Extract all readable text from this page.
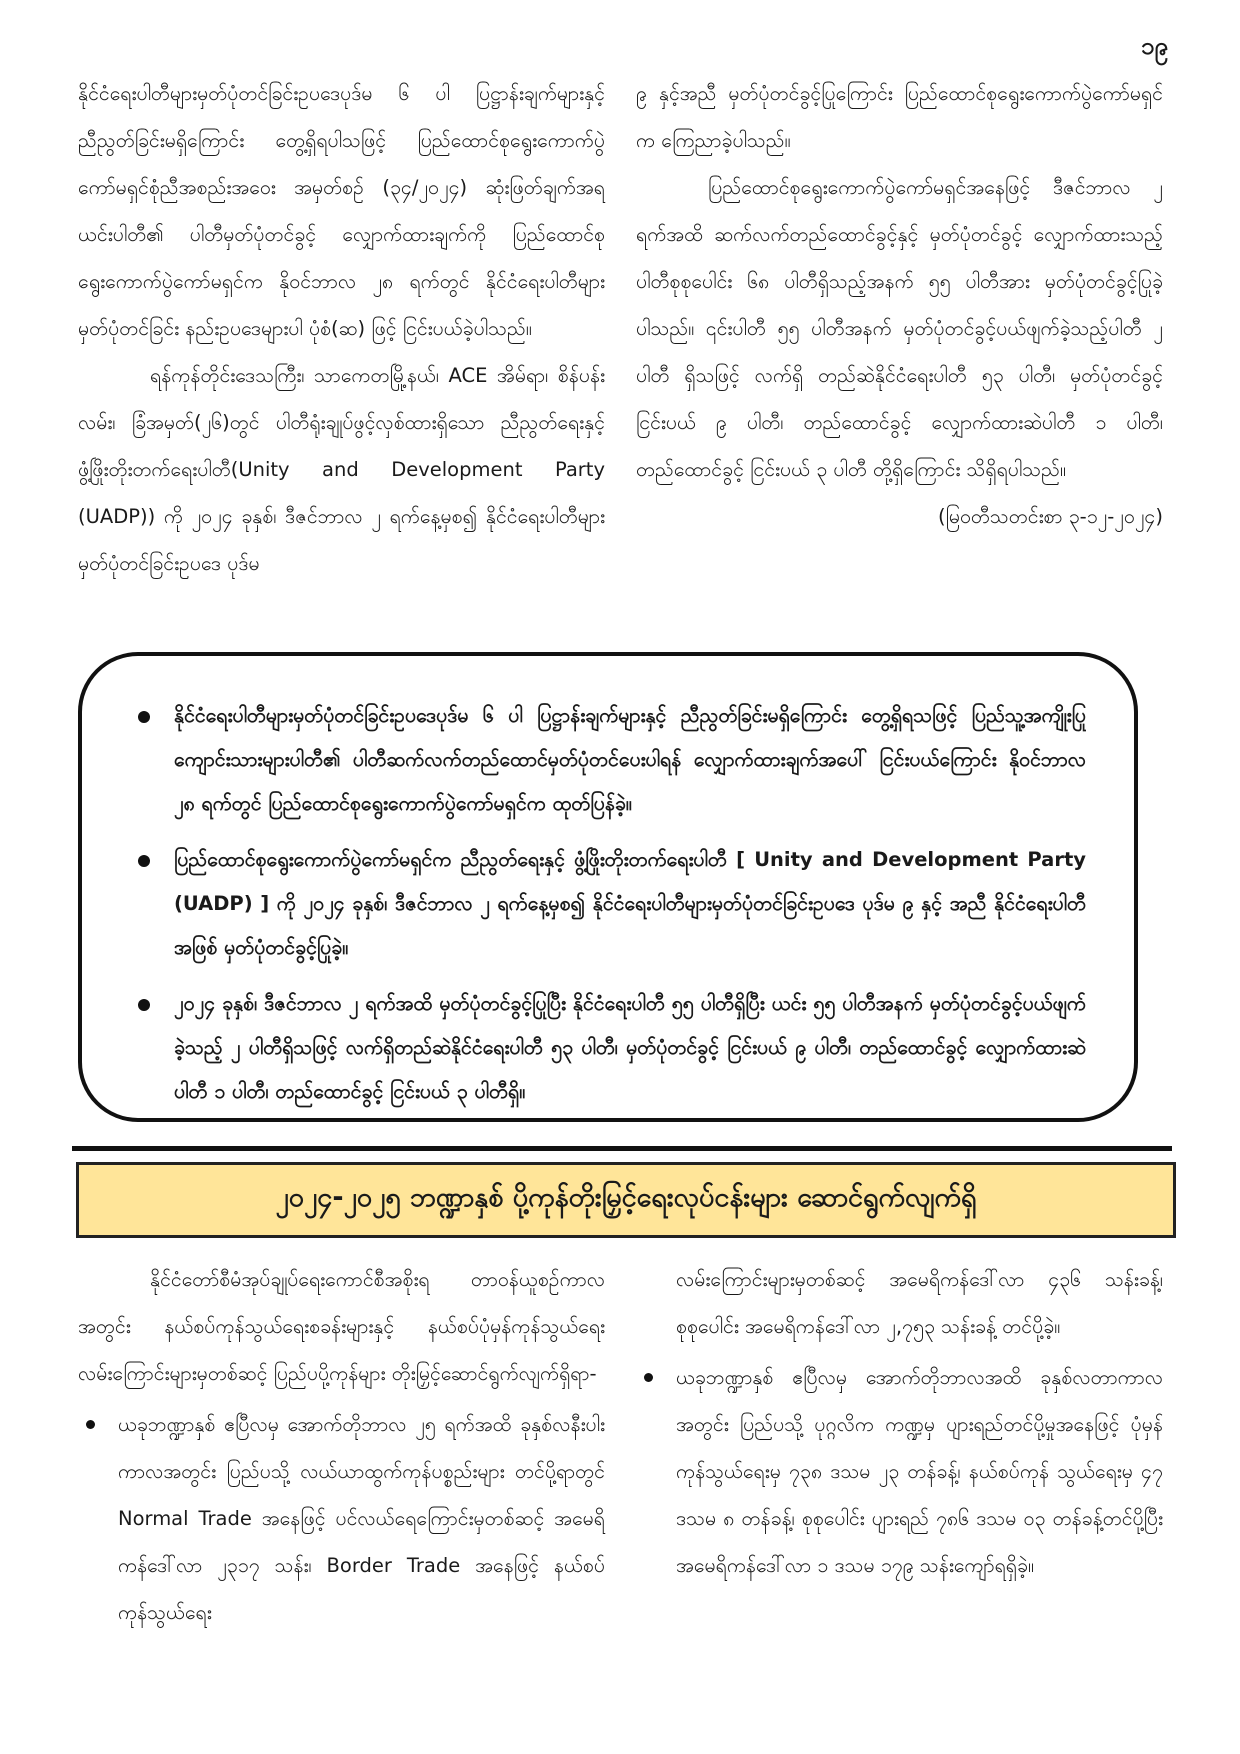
၁၉

နိုင်ငံရေးပါတီများမှတ်ပုံတင်ခြင်းဥပဒေပုဒ်မ ၆ ပါ ပြဋ္ဌာန်းချက်များနှင့် ညီညွတ်ခြင်းမရှိကြောင်း တွေ့ရှိရပါသဖြင့် ပြည်ထောင်စုရွေးကောက်ပွဲကော်မရှင်စုံညီအစည်းအဝေး အမှတ်စဉ် (၃၄/၂၀၂၄) ဆုံးဖြတ်ချက်အရ ယင်းပါတီ၏ ပါတီမှတ်ပုံတင်ခွင့် လျှောက်ထားချက်ကို ပြည်ထောင်စုရွေးကောက်ပွဲကော်မရှင်က နိုဝင်ဘာလ ၂၈ ရက်တွင် နိုင်ငံရေးပါတီများ မှတ်ပုံတင်ခြင်း နည်းဥပဒေများပါ ပုံစံ(ဆ) ဖြင့် ငြင်းပယ်ခဲ့ပါသည်။

ရန်ကုန်တိုင်းဒေသကြီး၊ သာကေတမြို့နယ်၊ ACE အိမ်ရာ၊ စိန်ပန်းလမ်း၊ ခြံအမှတ်(၂၆)တွင် ပါတီရုံးချုပ်ဖွင့်လှစ်ထားရှိသော ညီညွတ်ရေးနှင့်ဖွံ့ဖြိုးတိုးတက်ရေးပါတီ(Unity and Development Party (UADP)) ကို ၂၀၂၄ ခုနှစ်၊ ဒီဇင်ဘာလ ၂ ရက်နေ့မှစ၍ နိုင်ငံရေးပါတီများမှတ်ပုံတင်ခြင်းဥပဒေ ပုဒ်မ

၉ နှင့်အညီ မှတ်ပုံတင်ခွင့်ပြုကြောင်း ပြည်ထောင်စုရွေးကောက်ပွဲကော်မရှင်က ကြေညာခဲ့ပါသည်။

ပြည်ထောင်စုရွေးကောက်ပွဲကော်မရှင်အနေဖြင့် ဒီဇင်ဘာလ ၂ ရက်အထိ ဆက်လက်တည်ထောင်ခွင့်နှင့် မှတ်ပုံတင်ခွင့် လျှောက်ထားသည့် ပါတီစုစုပေါင်း ၆၈ ပါတီရှိသည့်အနက် ၅၅ ပါတီအား မှတ်ပုံတင်ခွင့်ပြုခဲ့ပါသည်။ ၎င်းပါတီ ၅၅ ပါတီအနက် မှတ်ပုံတင်ခွင့်ပယ်ဖျက်ခဲ့သည့်ပါတီ ၂ ပါတီ ရှိသဖြင့် လက်ရှိ တည်ဆဲနိုင်ငံရေးပါတီ ၅၃ ပါတီ၊ မှတ်ပုံတင်ခွင့် ငြင်းပယ် ၉ ပါတီ၊ တည်ထောင်ခွင့် လျှောက်ထားဆဲပါတီ ၁ ပါတီ၊ တည်ထောင်ခွင့် ငြင်းပယ် ၃ ပါတီ တို့ရှိကြောင်း သိရှိရပါသည်။

(မြဝတီသတင်းစာ ၃-၁၂-၂၀၂၄)

နိုင်ငံရေးပါတီများမှတ်ပုံတင်ခြင်းဥပဒေပုဒ်မ ၆ ပါ ပြဋ္ဌာန်းချက်များနှင့် ညီညွတ်ခြင်းမရှိကြောင်း တွေ့ရှိရသဖြင့် ပြည်သူ့အကျိုးပြုကျောင်းသားများပါတီ၏ ပါတီဆက်လက်တည်ထောင်မှတ်ပုံတင်ပေးပါရန် လျှောက်ထားချက်အပေါ် ငြင်းပယ်ကြောင်း နိုဝင်ဘာလ ၂၈ ရက်တွင် ပြည်ထောင်စုရွေးကောက်ပွဲကော်မရှင်က ထုတ်ပြန်ခဲ့။
ပြည်ထောင်စုရွေးကောက်ပွဲကော်မရှင်က ညီညွတ်ရေးနှင့် ဖွံ့ဖြိုးတိုးတက်ရေးပါတီ [ Unity and Development Party (UADP) ] ကို ၂၀၂၄ ခုနှစ်၊ ဒီဇင်ဘာလ ၂ ရက်နေ့မှစ၍ နိုင်ငံရေးပါတီများမှတ်ပုံတင်ခြင်းဥပဒေ ပုဒ်မ ၉ နှင့် အညီ နိုင်ငံရေးပါတီအဖြစ် မှတ်ပုံတင်ခွင့်ပြုခဲ့။
၂၀၂၄ ခုနှစ်၊ ဒီဇင်ဘာလ ၂ ရက်အထိ မှတ်ပုံတင်ခွင့်ပြုပြီး နိုင်ငံရေးပါတီ ၅၅ ပါတီရှိပြီး ယင်း ၅၅ ပါတီအနက် မှတ်ပုံတင်ခွင့်ပယ်ဖျက်ခဲ့သည့် ၂ ပါတီရှိသဖြင့် လက်ရှိတည်ဆဲနိုင်ငံရေးပါတီ ၅၃ ပါတီ၊ မှတ်ပုံတင်ခွင့် ငြင်းပယ် ၉ ပါတီ၊ တည်ထောင်ခွင့် လျှောက်ထားဆဲပါတီ ၁ ပါတီ၊ တည်ထောင်ခွင့် ငြင်းပယ် ၃ ပါတီရှိ။
၂၀၂၄-၂၀၂၅ ဘဏ္ဍာနှစ် ပို့ကုန်တိုးမြှင့်ရေးလုပ်ငန်းများ ဆောင်ရွက်လျက်ရှိ

နိုင်ငံတော်စီမံအုပ်ချုပ်ရေးကောင်စီအစိုးရ တာဝန်ယူစဉ်ကာလအတွင်း နယ်စပ်ကုန်သွယ်ရေးစခန်းများနှင့် နယ်စပ်ပုံမှန်ကုန်သွယ်ရေးလမ်းကြောင်းများမှတစ်ဆင့် ပြည်ပပို့ကုန်များ တိုးမြှင့်ဆောင်ရွက်လျက်ရှိရာ-

ယခုဘဏ္ဍာနှစ် ဧပြီလမှ အောက်တိုဘာလ ၂၅ ရက်အထိ ခုနှစ်လနီးပါးကာလအတွင်း ပြည်ပသို့ လယ်ယာထွက်ကုန်ပစ္စည်းများ တင်ပို့ရာတွင် Normal Trade အနေဖြင့် ပင်လယ်ရေကြောင်းမှတစ်ဆင့် အမေရိကန်ဒေါ်လာ ၂၃၁၇ သန်း၊ Border Trade အနေဖြင့် နယ်စပ်ကုန်သွယ်ရေး

လမ်းကြောင်းများမှတစ်ဆင့် အမေရိကန်ဒေါ်လာ ၄၃၆ သန်းခန့်၊ စုစုပေါင်း အမေရိကန်ဒေါ်လာ ၂,၇၅၃ သန်းခန့် တင်ပို့ခဲ့။

ယခုဘဏ္ဍာနှစ် ဧပြီလမှ အောက်တိုဘာလအထိ ခုနှစ်လတာကာလအတွင်း ပြည်ပသို့ ပုဂ္ဂလိက ကဏ္ဍမှ ပျားရည်တင်ပို့မှုအနေဖြင့် ပုံမှန်ကုန်သွယ်ရေးမှ ၇၃၈ ဒသမ ၂၃ တန်ခန့်၊ နယ်စပ်ကုန် သွယ်ရေးမှ ၄၇ ဒသမ ၈ တန်ခန့်၊ စုစုပေါင်း ပျားရည် ၇၈၆ ဒသမ ၀၃ တန်ခန့်တင်ပို့ပြီး အမေရိကန်ဒေါ်လာ ၁ ဒသမ ၁၇၉ သန်းကျော်ရရှိခဲ့။
